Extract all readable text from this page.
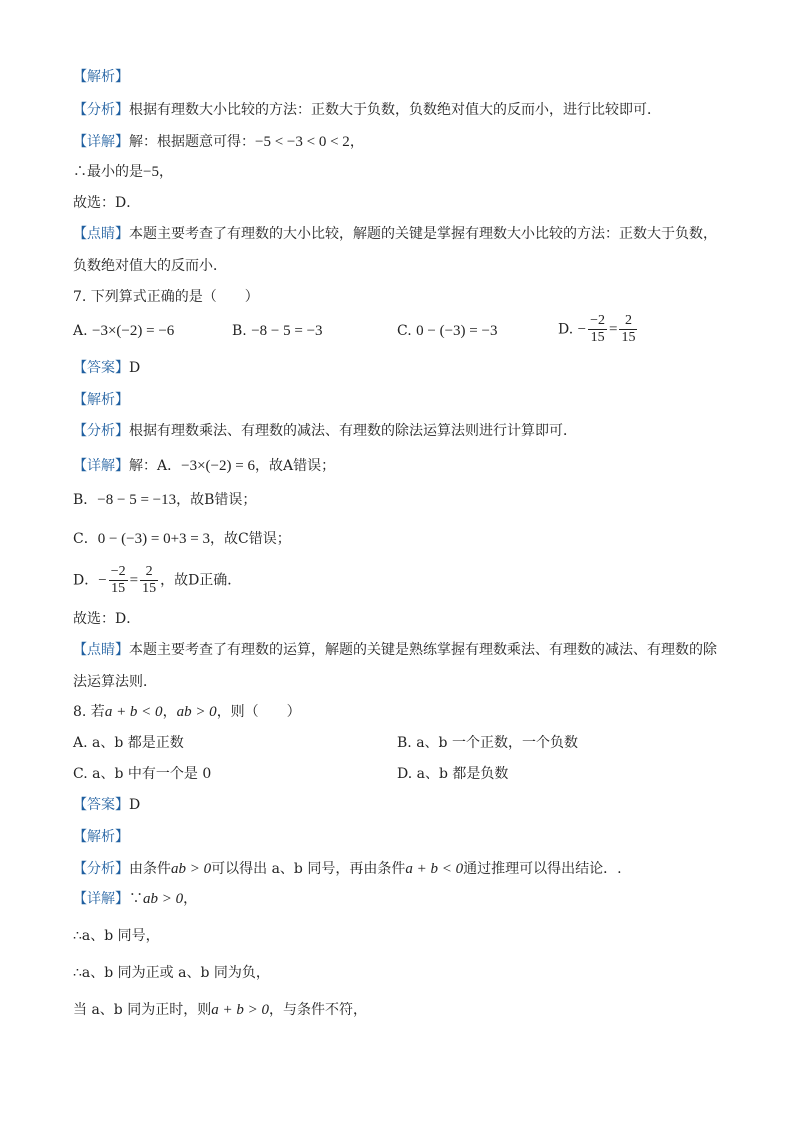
【解析】
【分析】根据有理数大小比较的方法：正数大于负数，负数绝对值大的反而小，进行比较即可．
【详解】解：根据题意可得：−5 < −3 < 0 < 2，
∴最小的是−5，
故选：D．
【点睛】本题主要考查了有理数的大小比较，解题的关键是掌握有理数大小比较的方法：正数大于负数，
负数绝对值大的反而小．
7. 下列算式正确的是（　　）
A. −3×(−2) = −6	B. −8 − 5 = −3	C. 0 − (−3) = −3	D. − $\frac{-2}{15} = \frac{2}{15}$
【答案】D
【解析】
【分析】根据有理数乘法、有理数的减法、有理数的除法运算法则进行计算即可．
【详解】解：A．−3×(−2) = 6，故A错误；
B．−8 − 5 = −13，故B错误；
C．0 − (−3) = 0+3 = 3，故C错误；
D．− $\frac{-2}{15} = \frac{2}{15}$ ，故D正确．
故选：D．
【点睛】本题主要考查了有理数的运算，解题的关键是熟练掌握有理数乘法、有理数的减法、有理数的除
法运算法则．
8. 若a + b < 0，ab > 0，则（　　）
A. a、b 都是正数	B. a、b 一个正数，一个负数
C. a、b 中有一个是 0	D. a、b 都是负数
【答案】D
【解析】
【分析】由条件ab > 0可以得出 a、b 同号，再由条件a + b < 0通过推理可以得出结论．.
【详解】∵ab > 0，
∴a、b 同号，
∴a、b 同为正或 a、b 同为负，
当 a、b 同为正时，则a + b > 0，与条件不符，
